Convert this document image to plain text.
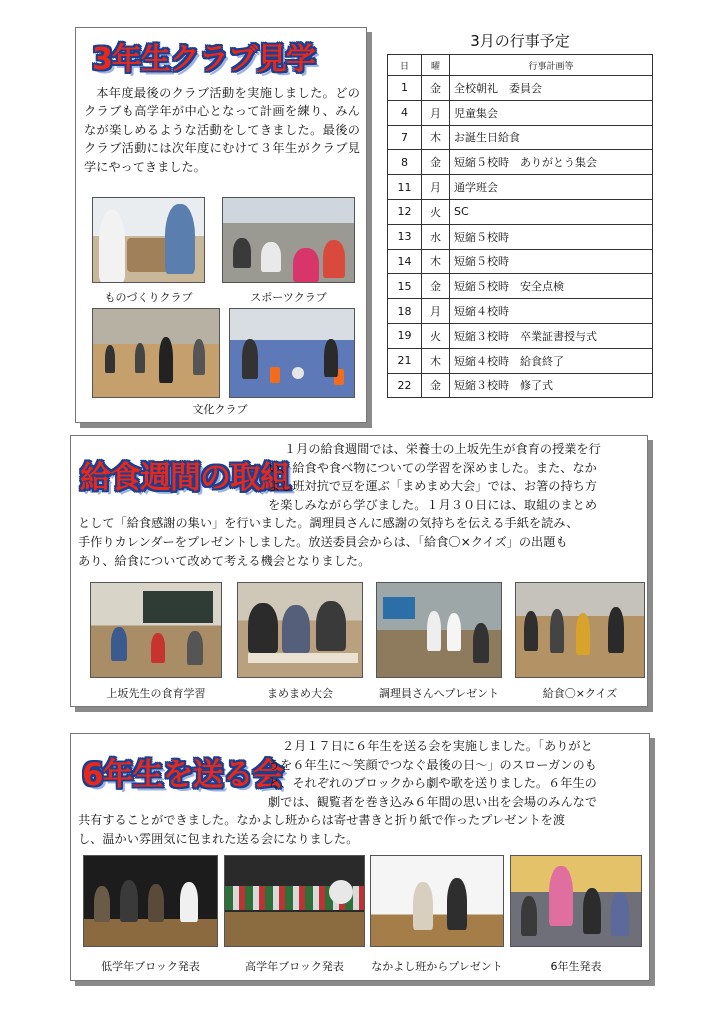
3年生クラブ見学
本年度最後のクラブ活動を実施しました。どのクラブも高学年が中心となって計画を練り、みんなが楽しめるような活動をしてきました。最後のクラブ活動には次年度にむけて３年生がクラブ見学にやってきました。
ものづくりクラブ	スポーツクラブ
文化クラブ
3月の行事予定
日	曜	行事計画等
1	金	全校朝礼　委員会
4	月	児童集会
7	木	お誕生日給食
8	金	短縮５校時　ありがとう集会
11	月	通学班会
12	火	SC
13	水	短縮５校時
14	木	短縮５校時
15	金	短縮５校時　安全点検
18	月	短縮４校時
19	火	短縮３校時　卒業証書授与式
21	木	短縮４校時　給食終了
22	金	短縮３校時　修了式
給食週間の取組
１月の給食週間では、栄養士の上坂先生が食育の授業を行
い、給食や食べ物についての学習を深めました。また、なか
よし班対抗で豆を運ぶ「まめまめ大会」では、お箸の持ち方
を楽しみながら学びました。１月３０日には、取組のまとめ
として「給食感謝の集い」を行いました。調理員さんに感謝の気持ちを伝える手紙を読み、
手作りカレンダーをプレゼントしました。放送委員会からは、「給食〇×クイズ」の出題も
あり、給食について改めて考える機会となりました。
上坂先生の食育学習	まめまめ大会	調理員さんへプレゼント	給食〇×クイズ
6年生を送る会
２月１７日に６年生を送る会を実施しました。「ありがと
うを６年生に～笑顔でつなぐ最後の日～」のスローガンのも
と、それぞれのブロックから劇や歌を送りました。６年生の
劇では、観覧者を巻き込み６年間の思い出を会場のみんなで
共有することができました。なかよし班からは寄せ書きと折り紙で作ったプレゼントを渡
し、温かい雰囲気に包まれた送る会になりました。
低学年ブロック発表	高学年ブロック発表	なかよし班からプレゼント	6年生発表
